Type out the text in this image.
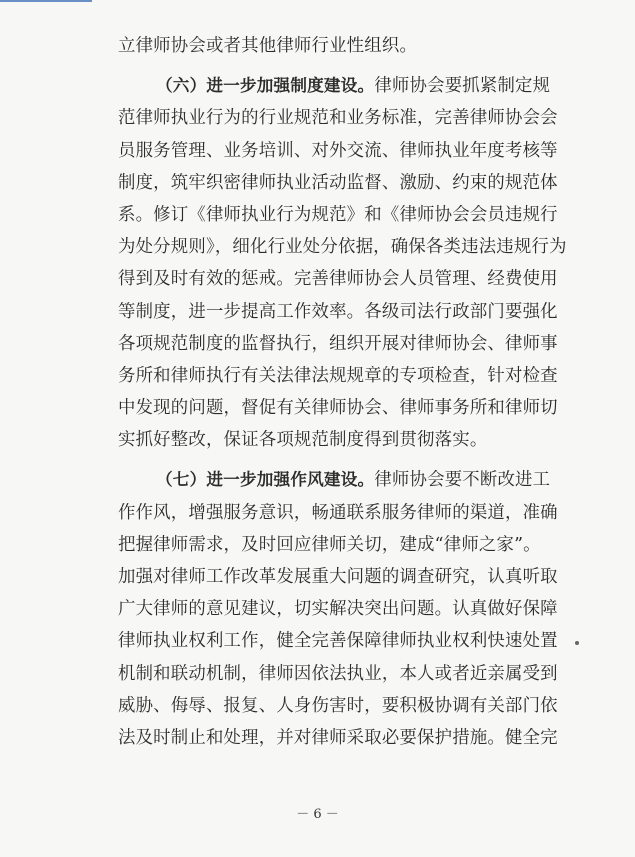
立律师协会或者其他律师行业性组织。
（六）进一步加强制度建设。律师协会要抓紧制定规
范律师执业行为的行业规范和业务标准，完善律师协会会
员服务管理、业务培训、对外交流、律师执业年度考核等
制度，筑牢织密律师执业活动监督、激励、约束的规范体
系。修订《律师执业行为规范》和《律师协会会员违规行
为处分规则》，细化行业处分依据，确保各类违法违规行为
得到及时有效的惩戒。完善律师协会人员管理、经费使用
等制度，进一步提高工作效率。各级司法行政部门要强化
各项规范制度的监督执行，组织开展对律师协会、律师事
务所和律师执行有关法律法规规章的专项检查，针对检查
中发现的问题，督促有关律师协会、律师事务所和律师切
实抓好整改，保证各项规范制度得到贯彻落实。
（七）进一步加强作风建设。律师协会要不断改进工
作作风，增强服务意识，畅通联系服务律师的渠道，准确
把握律师需求，及时回应律师关切，建成“律师之家”。
加强对律师工作改革发展重大问题的调查研究，认真听取
广大律师的意见建议，切实解决突出问题。认真做好保障
律师执业权利工作，健全完善保障律师执业权利快速处置
机制和联动机制，律师因依法执业，本人或者近亲属受到
威胁、侮辱、报复、人身伤害时，要积极协调有关部门依
法及时制止和处理，并对律师采取必要保护措施。健全完
－ 6 －
